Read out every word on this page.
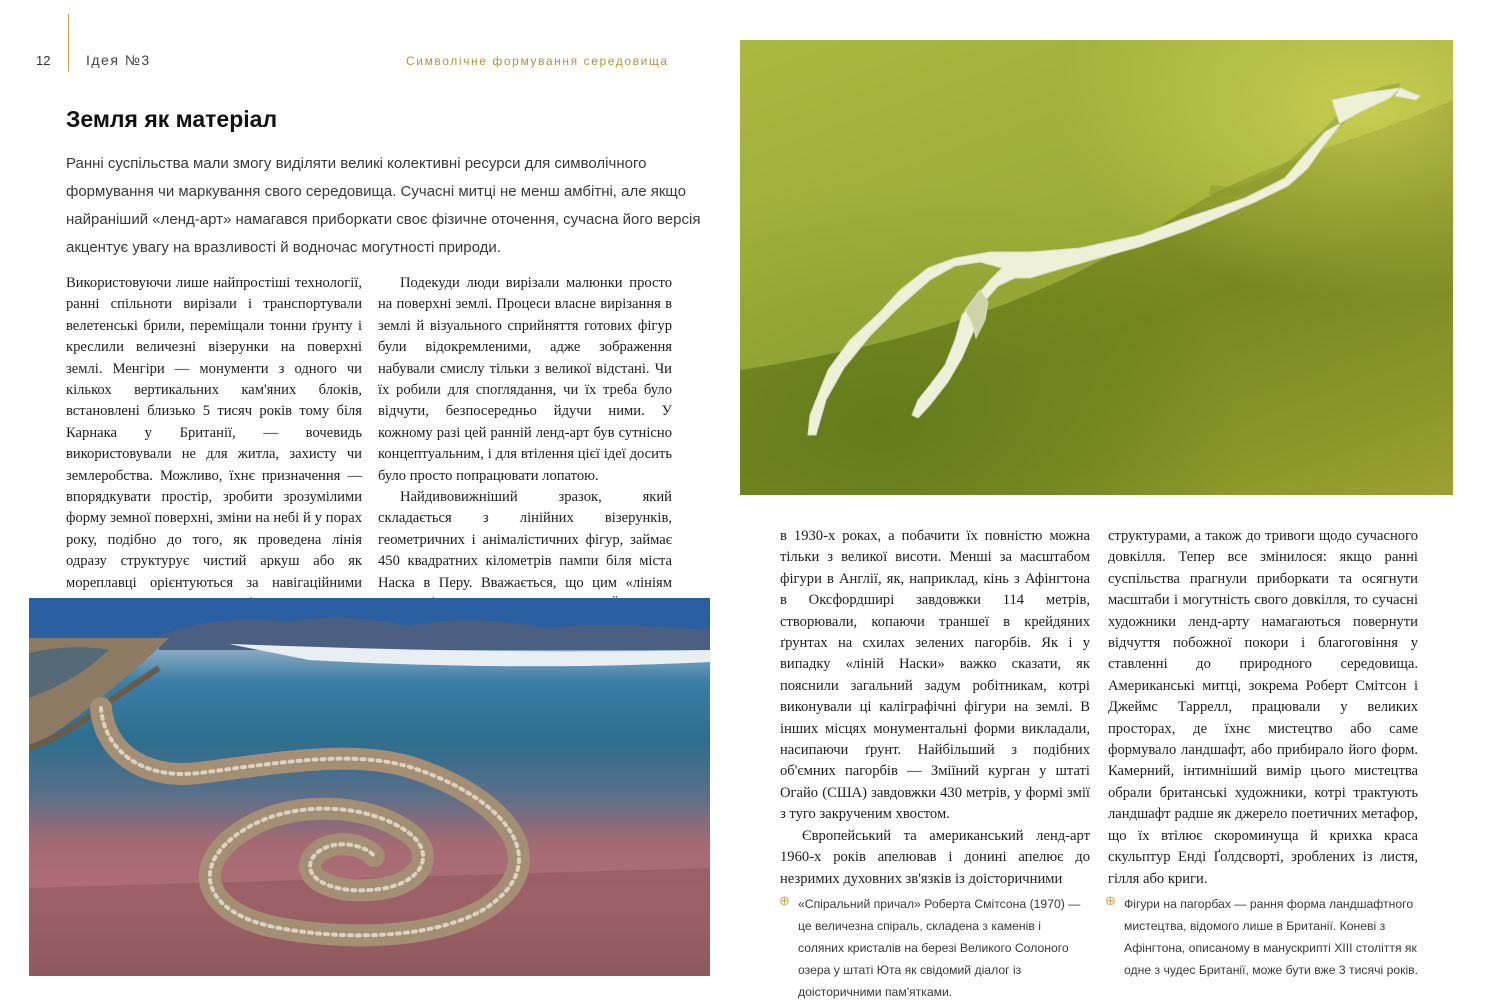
12	Ідея №3	Символічне формування середовища
Земля як матеріал
Ранні суспільства мали змогу виділяти великі колективні ресурси для символічного формування чи маркування свого середовища. Сучасні митці не менш амбітні, але якщо найраніший «ленд-арт» намагався приборкати своє фізичне оточення, сучасна його версія акцентує увагу на вразливості й водночас могутності природи.

Використовуючи лише найпростіші технології, ранні спільноти вирізали і транспортували велетенські брили, переміщали тонни ґрунту і креслили величезні візерунки на поверхні землі. Менгіри — монументи з одного чи кількох вертикальних кам'яних блоків, встановлені близько 5 тисяч років тому біля Карнака у Британії, — вочевидь використовували не для житла, захисту чи землеробства. Можливо, їхнє призначення — впорядкувати простір, зробити зрозумілими форму земної поверхні, зміни на небі й у порах року, подібно до того, як проведена лінія одразу структурує чистий аркуш або як мореплавці орієнтуються за навігаційними

Подекуди люди вирізали малюнки просто на поверхні землі. Процеси власне вирізання в землі й візуального сприйняття готових фігур були відокремленими, адже зображення набували смислу тільки з великої відстані. Чи їх робили для споглядання, чи їх треба було відчути, безпосередньо йдучи ними. У кожному разі цей ранній ленд-арт був сутнісно концептуальним, і для втілення цієї ідеї досить було просто попрацювати лопатою.

Найдивовижніший зразок, який складається з лінійних візерунків, геометричних і анімалістичних фігур, займає 450 квадратних кілометрів пампи біля міста Наска в Перу. Вважається, що цим «лініям

в 1930-х роках, а побачити їх повністю можна тільки з великої висоти. Менші за масштабом фігури в Англії, як, наприклад, кінь з Афінгтона в Оксфордширі завдовжки 114 метрів, створювали, копаючи траншеї в крейдяних ґрунтах на схилах зелених пагорбів. Як і у випадку «ліній Наски» важко сказати, як пояснили загальний задум робітникам, котрі виконували ці каліграфічні фігури на землі. В інших місцях монументальні форми викладали, насипаючи ґрунт. Найбільший з подібних об'ємних пагорбів — Зміїний курган у штаті Огайо (США) завдовжки 430 метрів, у формі змії з туго закрученим хвостом.

Європейський та американський ленд-арт 1960-х років апелював і донині апелює до незримих духовних зв'язків із доісторичними

структурами, а також до тривоги щодо сучасного довкілля. Тепер все змінилося: якщо ранні суспільства прагнули приборкати та осягнути масштаби і могутність свого довкілля, то сучасні художники ленд-арту намагаються повернути відчуття побожної покори і благоговіння у ставленні до природного середовища. Американські митці, зокрема Роберт Смітсон і Джеймс Таррелл, працювали у великих просторах, де їхнє мистецтво або саме формувало ландшафт, або прибирало його форм. Камерний, інтимніший вимір цього мистецтва обрали британські художники, котрі трактують ландшафт радше як джерело поетичних метафор, що їх втілює скороминуща й крихка краса скульптур Енді Ґолдсворті, зроблених із листя, гілля або криги.

⊕ «Спіральний причал» Роберта Смітсона (1970) — це величезна спіраль, складена з каменів і соляних кристалів на березі Великого Солоного озера у штаті Юта як свідомий діалог із доісторичними пам'ятками.
⊕ Фігури на пагорбах — рання форма ландшафтного мистецтва, відомого лише в Британії. Коневі з Афінгтона, описаному в манускрипті XIII століття як одне з чудес Британії, може бути вже 3 тисячі років.
